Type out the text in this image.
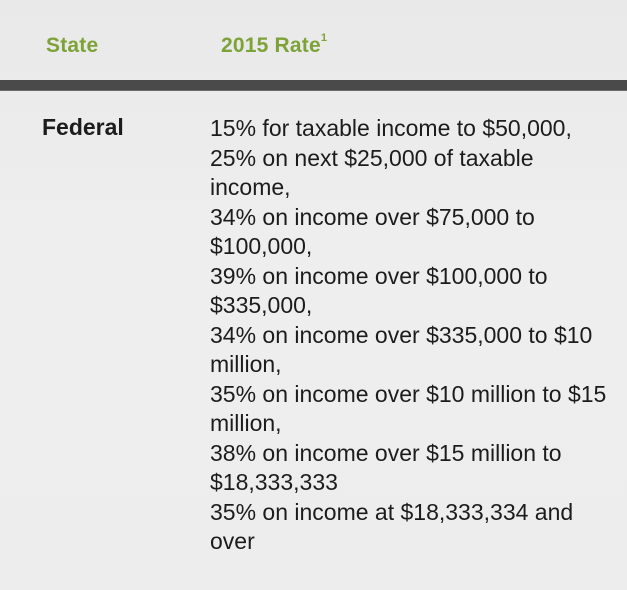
State	2015 Rate$^1$
Federal	15% for taxable income to $50,000,
25% on next $25,000 of taxable income,
34% on income over $75,000 to $100,000,
39% on income over $100,000 to $335,000,
34% on income over $335,000 to $10 million,
35% on income over $10 million to $15 million,
38% on income over $15 million to $18,333,333
35% on income at $18,333,334 and over
